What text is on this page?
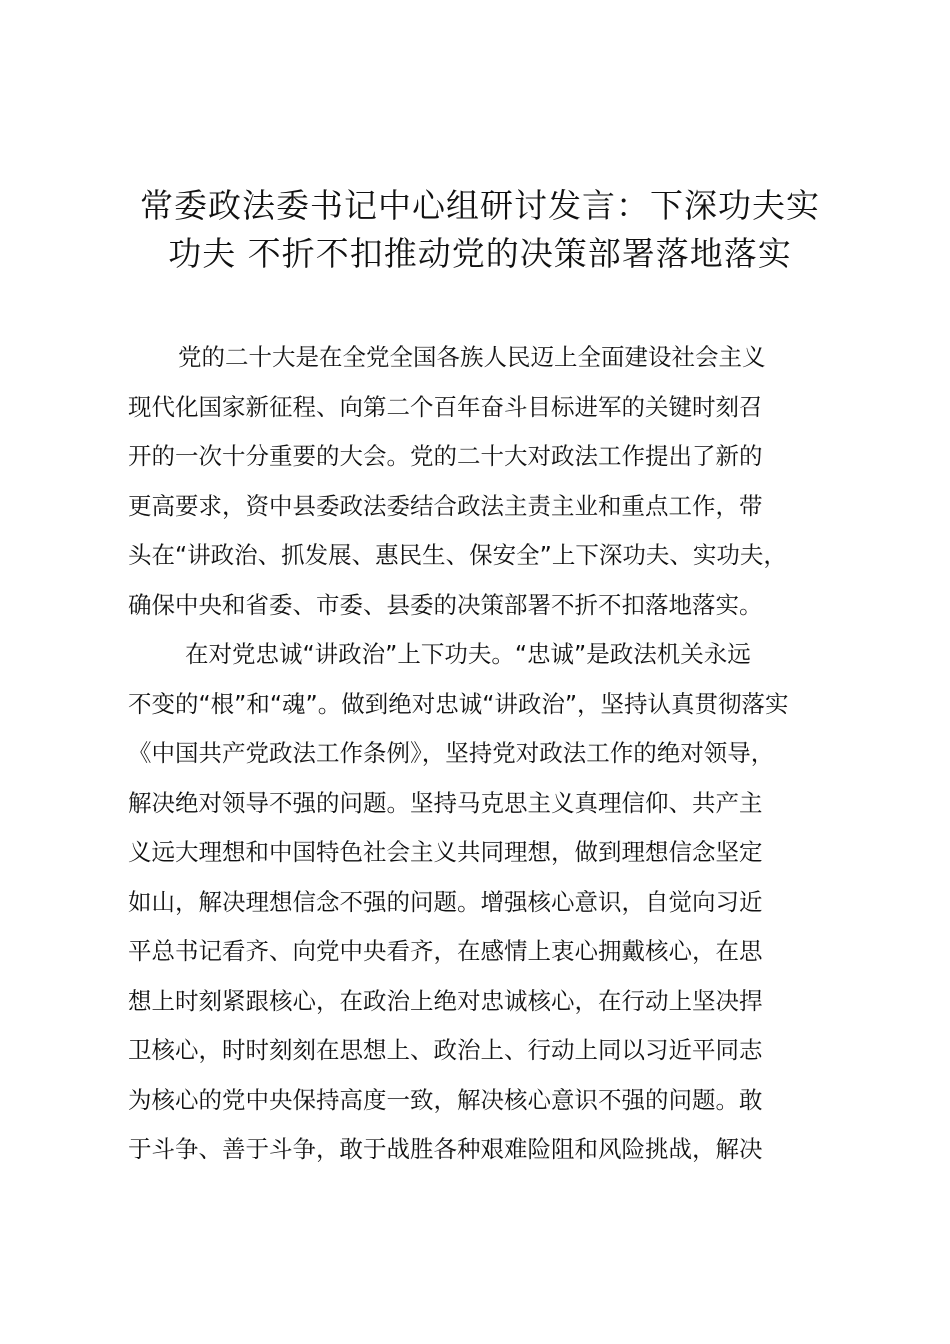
常委政法委书记中心组研讨发言：下深功夫实
功夫 不折不扣推动党的决策部署落地落实
党的二十大是在全党全国各族人民迈上全面建设社会主义
现代化国家新征程、向第二个百年奋斗目标进军的关键时刻召
开的一次十分重要的大会。党的二十大对政法工作提出了新的
更高要求，资中县委政法委结合政法主责主业和重点工作，带
头在“讲政治、抓发展、惠民生、保安全”上下深功夫、实功夫，
确保中央和省委、市委、县委的决策部署不折不扣落地落实。
在对党忠诚“讲政治”上下功夫。“忠诚”是政法机关永远
不变的“根”和“魂”。做到绝对忠诚“讲政治”，坚持认真贯彻落实
《中国共产党政法工作条例》，坚持党对政法工作的绝对领导，
解决绝对领导不强的问题。坚持马克思主义真理信仰、共产主
义远大理想和中国特色社会主义共同理想，做到理想信念坚定
如山，解决理想信念不强的问题。增强核心意识，自觉向习近
平总书记看齐、向党中央看齐，在感情上衷心拥戴核心，在思
想上时刻紧跟核心，在政治上绝对忠诚核心，在行动上坚决捍
卫核心，时时刻刻在思想上、政治上、行动上同以习近平同志
为核心的党中央保持高度一致，解决核心意识不强的问题。敢
于斗争、善于斗争，敢于战胜各种艰难险阻和风险挑战，解决
